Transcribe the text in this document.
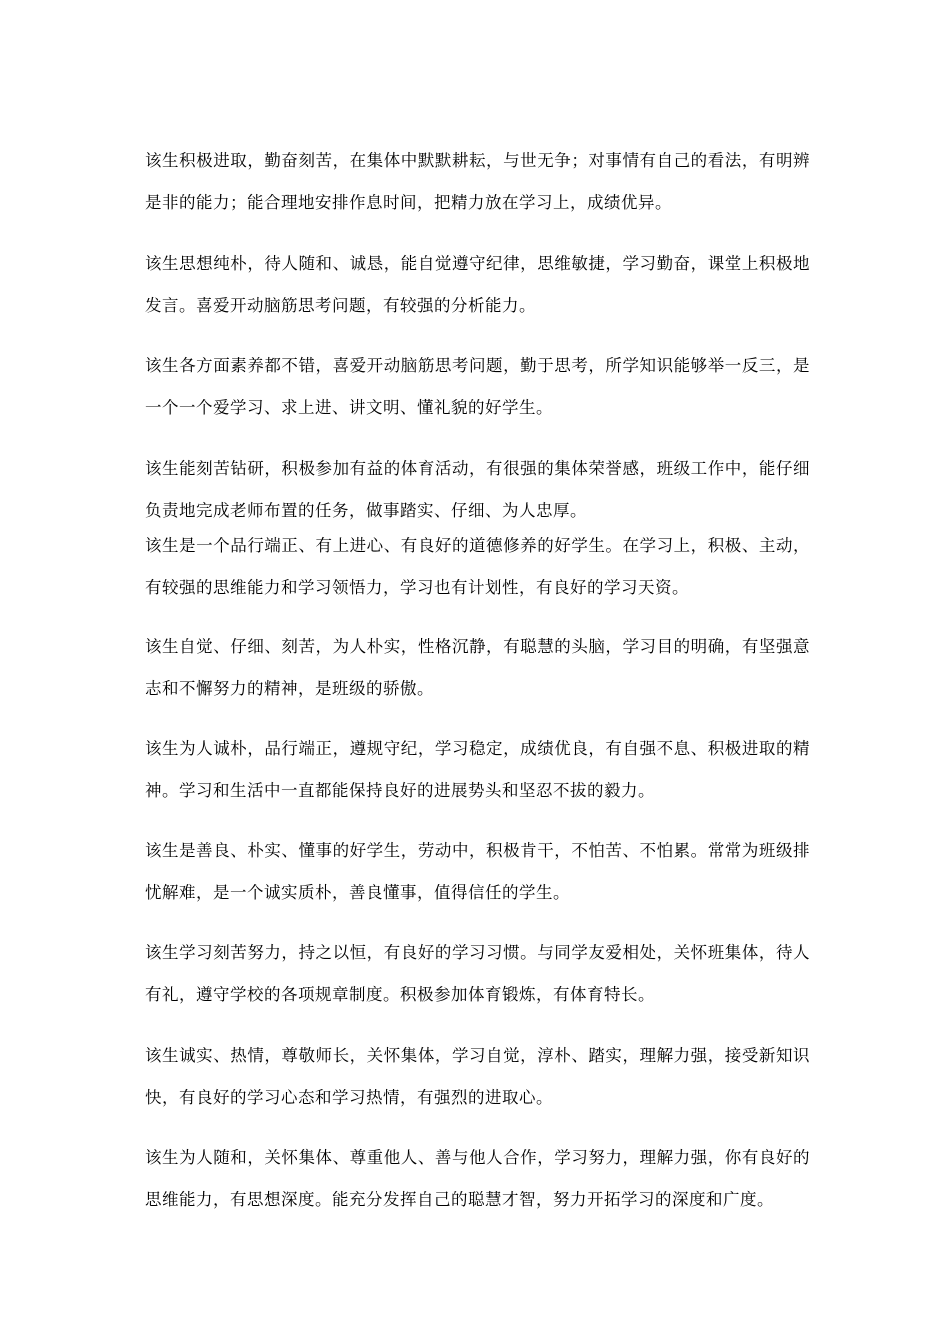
该生积极进取，勤奋刻苦，在集体中默默耕耘，与世无争；对事情有自己的看法，有明辨
是非的能力；能合理地安排作息时间，把精力放在学习上，成绩优异。

该生思想纯朴，待人随和、诚恳，能自觉遵守纪律，思维敏捷，学习勤奋，课堂上积极地
发言。喜爱开动脑筋思考问题，有较强的分析能力。

该生各方面素养都不错，喜爱开动脑筋思考问题，勤于思考，所学知识能够举一反三，是
一个一个爱学习、求上进、讲文明、懂礼貌的好学生。

该生能刻苦钻研，积极参加有益的体育活动，有很强的集体荣誉感，班级工作中，能仔细
负责地完成老师布置的任务，做事踏实、仔细、为人忠厚。

该生是一个品行端正、有上进心、有良好的道德修养的好学生。在学习上，积极、主动，
有较强的思维能力和学习领悟力，学习也有计划性，有良好的学习天资。

该生自觉、仔细、刻苦，为人朴实，性格沉静，有聪慧的头脑，学习目的明确，有坚强意
志和不懈努力的精神，是班级的骄傲。

该生为人诚朴，品行端正，遵规守纪，学习稳定，成绩优良，有自强不息、积极进取的精
神。学习和生活中一直都能保持良好的进展势头和坚忍不拔的毅力。

该生是善良、朴实、懂事的好学生，劳动中，积极肯干，不怕苦、不怕累。常常为班级排
忧解难，是一个诚实质朴，善良懂事，值得信任的学生。

该生学习刻苦努力，持之以恒，有良好的学习习惯。与同学友爱相处，关怀班集体，待人
有礼，遵守学校的各项规章制度。积极参加体育锻炼，有体育特长。

该生诚实、热情，尊敬师长，关怀集体，学习自觉，淳朴、踏实，理解力强，接受新知识
快，有良好的学习心态和学习热情，有强烈的进取心。

该生为人随和，关怀集体、尊重他人、善与他人合作，学习努力，理解力强，你有良好的
思维能力，有思想深度。能充分发挥自己的聪慧才智，努力开拓学习的深度和广度。
